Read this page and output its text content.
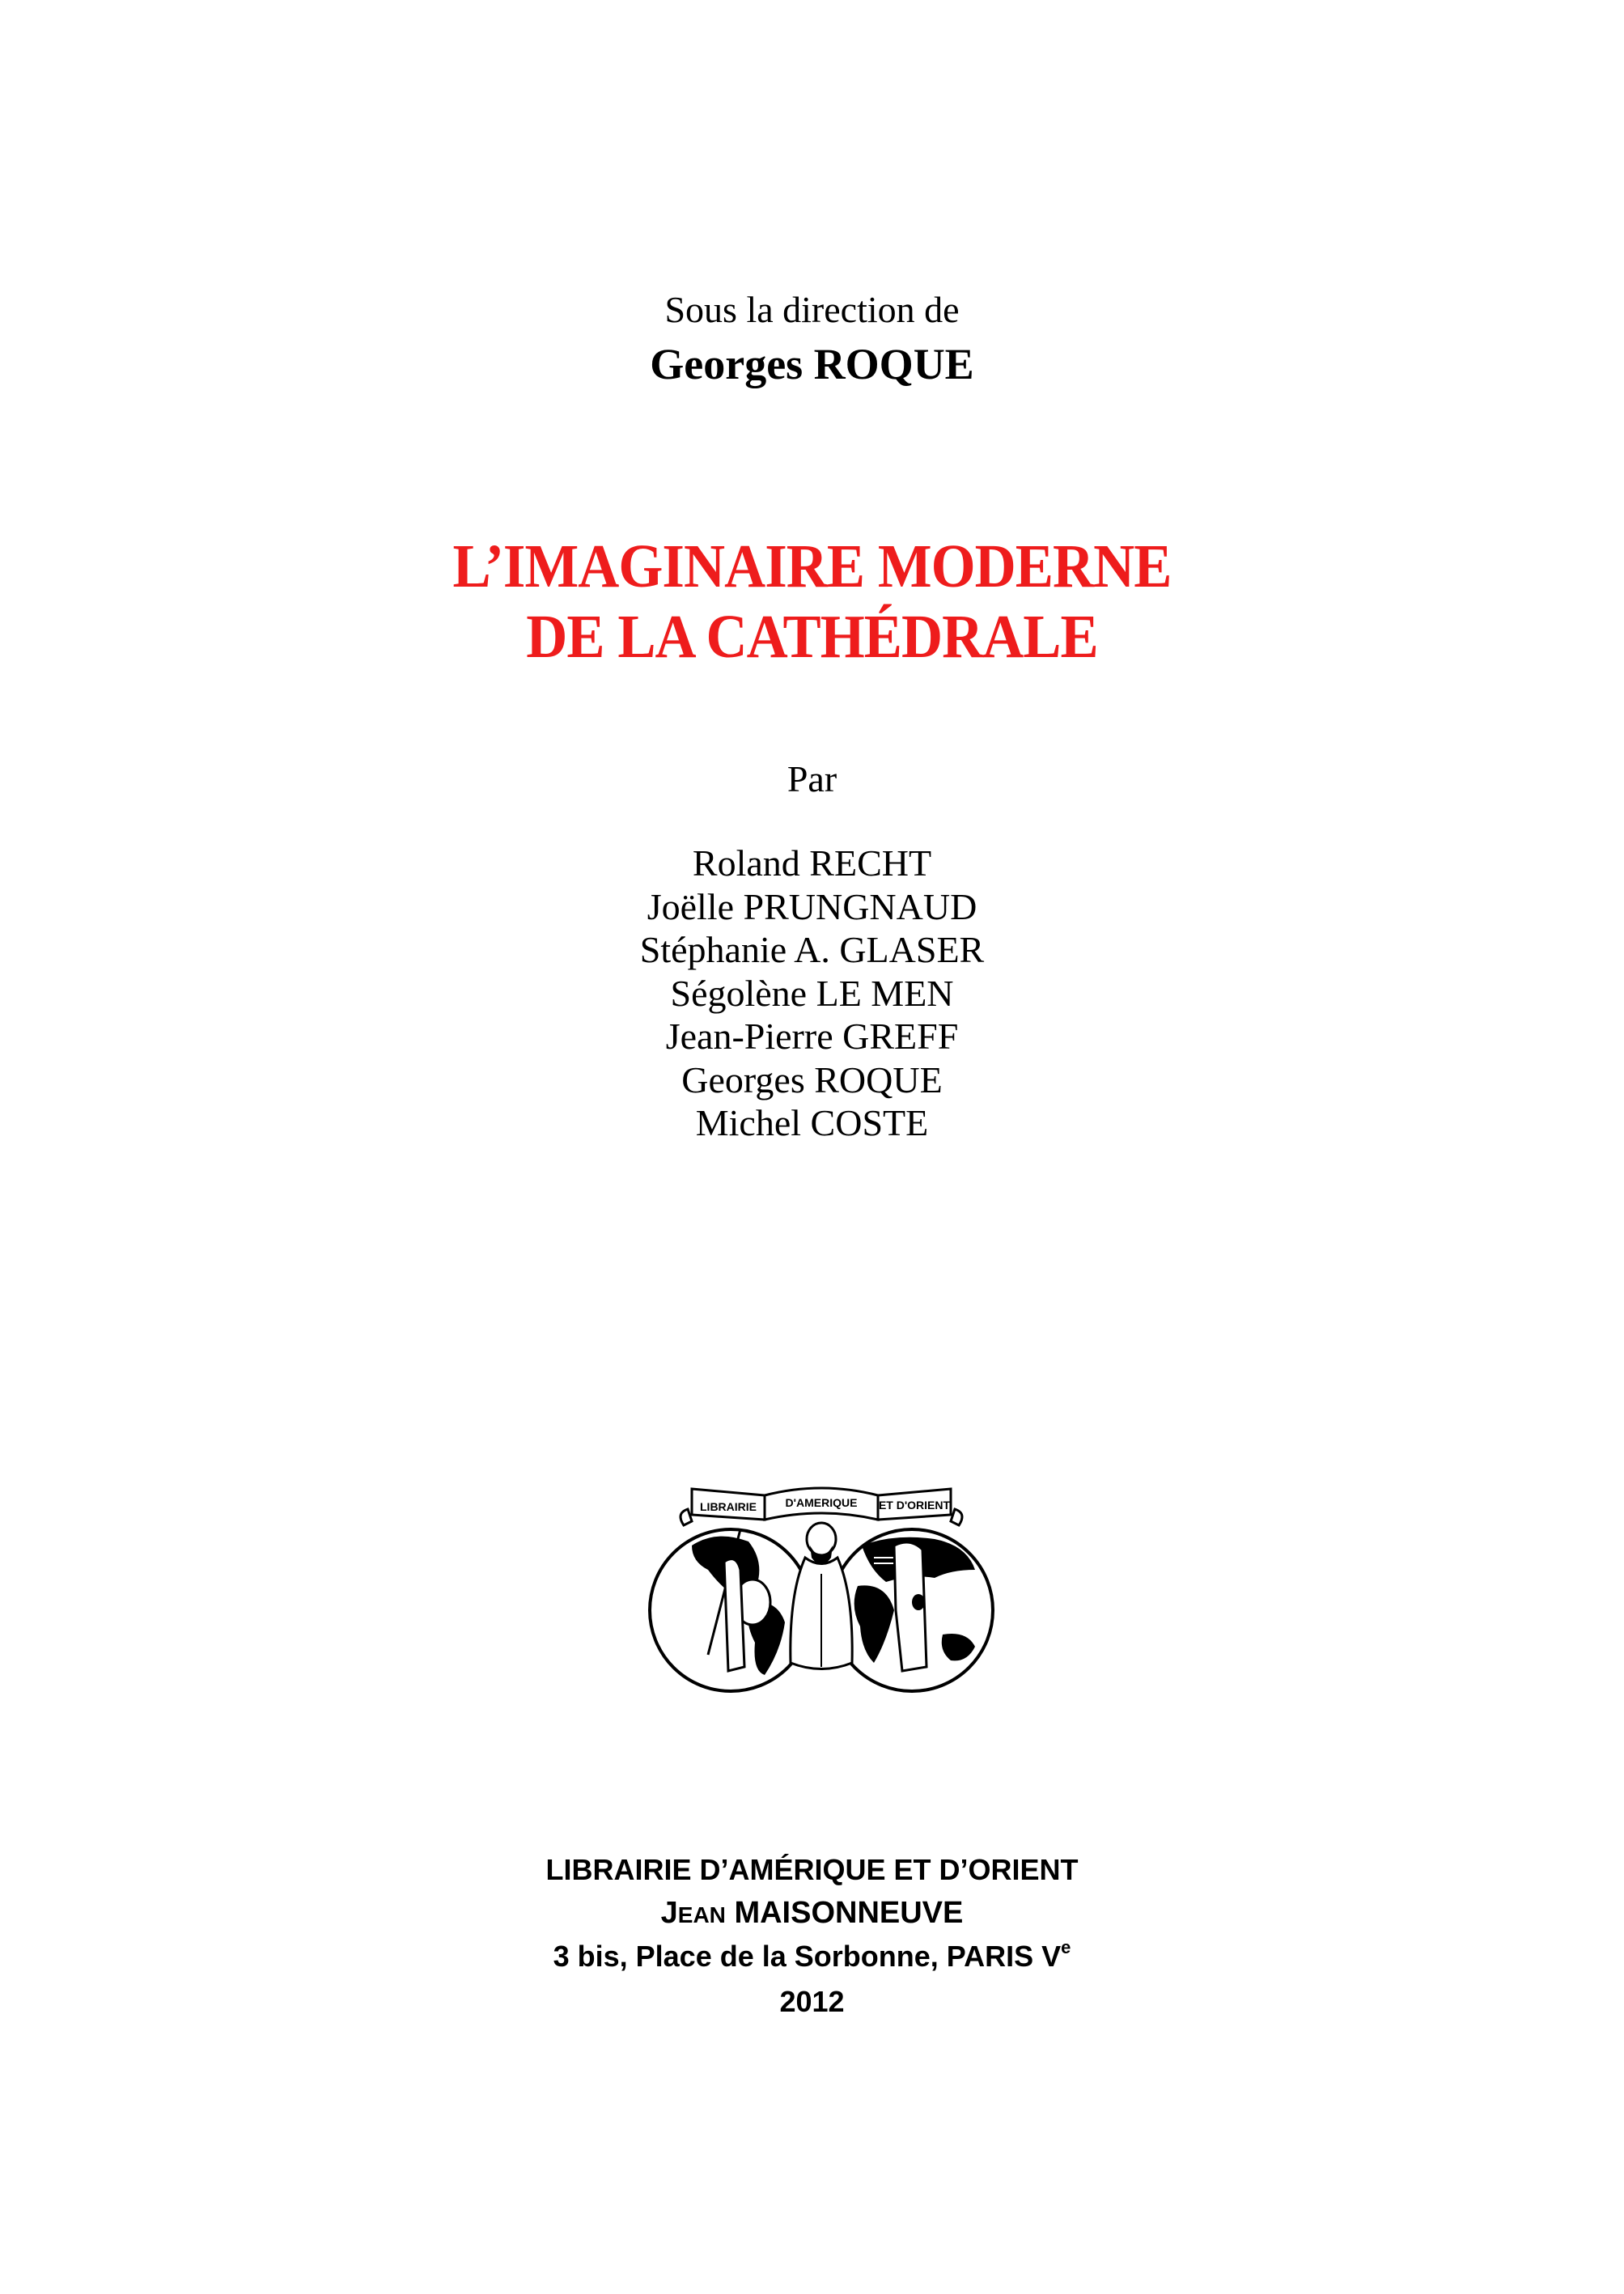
Sous la direction de
Georges ROQUE
L’IMAGINAIRE MODERNE
DE LA CATHÉDRALE
Par
Roland RECHT
Joëlle PRUNGNAUD
Stéphanie A. GLASER
Ségolène LE MEN
Jean-Pierre GREFF
Georges ROQUE
Michel COSTE
LIBRAIRIE	D'AMERIQUE ET D'ORIENT
LIBRAIRIE D’AMÉRIQUE ET D’ORIENT
JEAN MAISONNEUVE
3 bis, Place de la Sorbonne, PARIS Ve
2012
